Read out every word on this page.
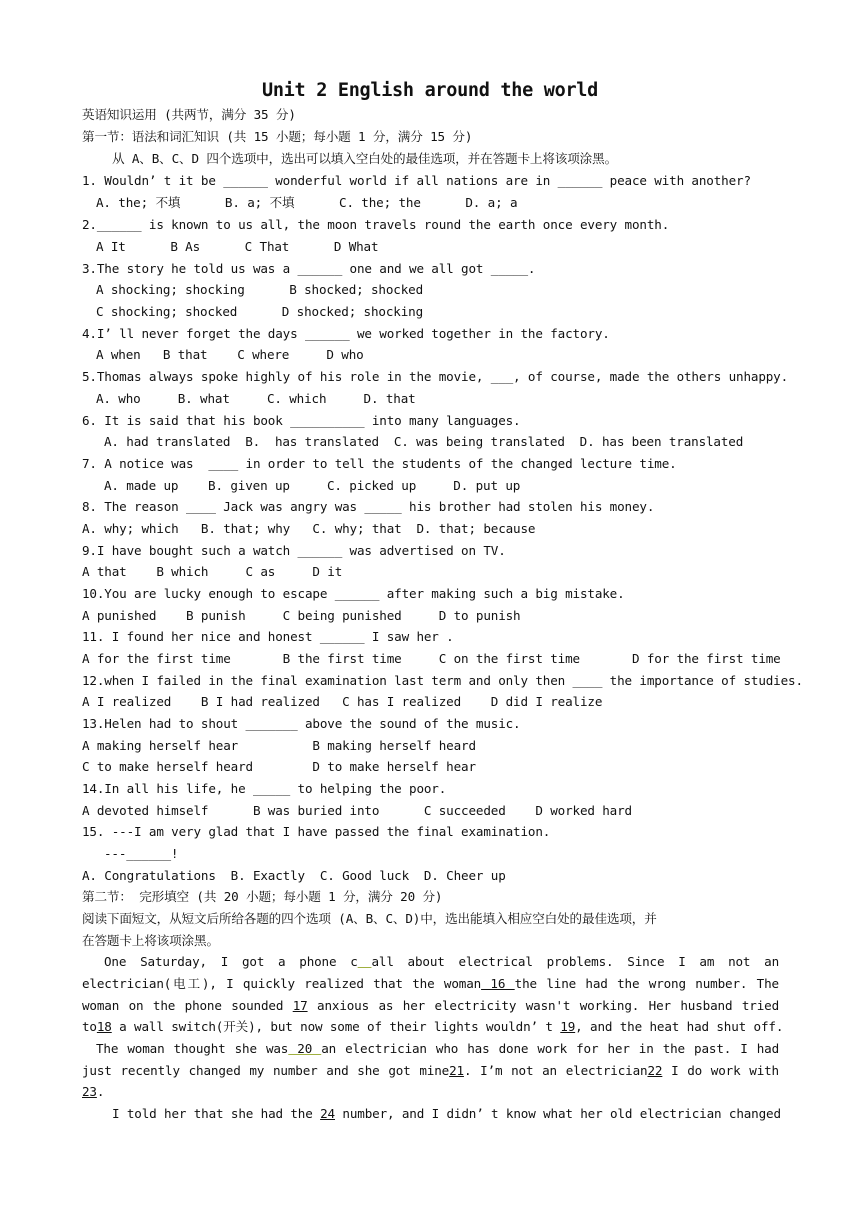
Unit 2 English around the world
英语知识运用 (共两节，满分 35 分)
第一节：语法和词汇知识 (共 15 小题；每小题 1 分，满分 15 分)
从 A、B、C、D 四个选项中，选出可以填入空白处的最佳选项，并在答题卡上将该项涂黑。
1. Wouldn’ t it be ______ wonderful world if all nations are in ______ peace with another?
A. the; 不填      B. a; 不填      C. the; the      D. a; a
2.______ is known to us all, the moon travels round the earth once every month.
A It      B As      C That      D What
3.The story he told us was a ______ one and we all got _____.
A shocking; shocking      B shocked; shocked
C shocking; shocked      D shocked; shocking
4.I’ ll never forget the days ______ we worked together in the factory.
A when   B that    C where     D who
5.Thomas always spoke highly of his role in the movie, ___, of course, made the others unhappy.
A. who     B. what     C. which     D. that
6. It is said that his book __________ into many languages.
A. had translated  B.  has translated  C. was being translated  D. has been translated
7. A notice was  ____ in order to tell the students of the changed lecture time.
A. made up    B. given up     C. picked up     D. put up
8. The reason ____ Jack was angry was _____ his brother had stolen his money.
A. why; which   B. that; why   C. why; that  D. that; because
9.I have bought such a watch ______ was advertised on TV.
A that    B which     C as     D it
10.You are lucky enough to escape ______ after making such a big mistake.
A punished    B punish     C being punished     D to punish
11. I found her nice and honest ______ I saw her .
A for the first time       B the first time     C on the first time       D for the first time
12.when I failed in the final examination last term and only then ____ the importance of studies.
A I realized    B I had realized   C has I realized    D did I realize
13.Helen had to shout _______ above the sound of the music.
A making herself hear          B making herself heard
C to make herself heard        D to make herself hear
14.In all his life, he _____ to helping the poor.
A devoted himself      B was buried into      C succeeded    D worked hard
15. ---I am very glad that I have passed the final examination.
---______!
A. Congratulations  B. Exactly  C. Good luck  D. Cheer up
第二节： 完形填空 (共 20 小题；每小题 1 分，满分 20 分)
阅读下面短文，从短文后所给各题的四个选项 (A、B、C、D)中，选出能填入相应空白处的最佳选项，并
在答题卡上将该项涂黑。
One Saturday, I got a phone c all about electrical problems. Since I am not an
electrician(电工), I quickly realized that the woman 16 the line had the wrong number. The
woman on the phone sounded 17 anxious as her electricity wasn't working. Her husband tried
to18 a wall switch(开关), but now some of their lights wouldn’ t 19, and the heat had shut off.
The woman thought she was 20 an electrician who has done work for her in the past. I had
just recently changed my number and she got mine21. I’m not an electrician22 I do work with
23.
I told her that she had the 24 number, and I didn’ t know what her old electrician changed
